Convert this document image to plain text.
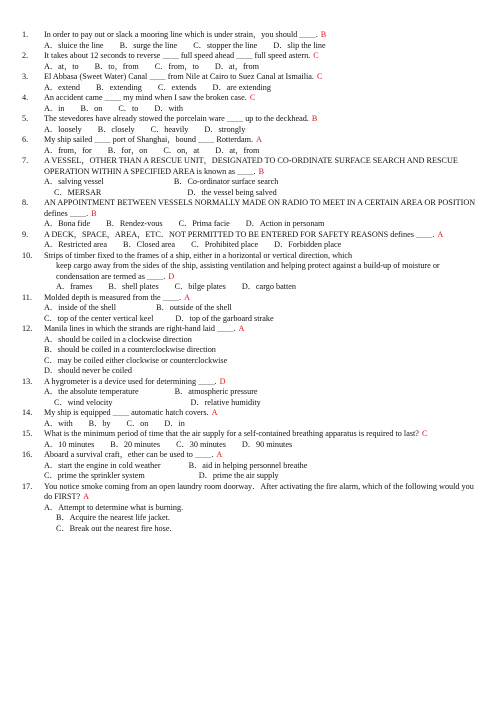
1.	In order to pay out or slack a mooring line which is under strain，you should ＿＿. B
A．sluice the line B．surge the line C．stopper the line D．slip the line
2.	It takes about 12 seconds to reverse ＿＿ full speed ahead ＿＿ full speed astern. C
A．at，to B．to，from C．from，to D．at，from
3.	El Abbasa (Sweet Water) Canal ＿＿ from Nile at Cairo to Suez Canal at Ismailia. C
A．extend B．extending C．extends D．are extending
4.	An accident came ＿＿ my mind when I saw the broken case. C
A．in B．on C．to D．with
5.	The stevedores have already stowed the porcelain ware ＿＿ up to the deckhead. B
A．loosely B．closely C．heavily D．strongly
6.	My ship sailed ＿＿ port of Shanghai，bound ＿＿ Rotterdam. A
A．from，for B．for，on C．on，at D．at，from
7.	A VESSEL，OTHER THAN A RESCUE UNIT，DESIGNATED TO CO-ORDINATE SURFACE SEARCH AND RESCUE OPERATION WITHIN A SPECIFIED AREA is known as ＿＿. B
A．salving vessel	B．Co-ordinator surface search
C．MERSAR	D．the vessel being salved
8.	AN APPOINTMENT BETWEEN VESSELS NORMALLY MADE ON RADIO TO MEET IN A CERTAIN AREA OR POSITION defines ＿＿. B
A．Bona fide B．Rendez-vous C．Prima facie D．Action in personam
9.	A DECK，SPACE，AREA，ETC．NOT PERMITTED TO BE ENTERED FOR SAFETY REASONS defines ＿＿. A
A．Restricted area B．Closed area C．Prohibited place D．Forbidden place
10.	Strips of timber fixed to the frames of a ship, either in a horizontal or vertical direction, which
keep cargo away from the sides of the ship, assisting ventilation and helping protect against a build-up of moisture or condensation are termed as ＿＿. D
A．frames B．shell plates C．bilge plates D．cargo batten
11.	Molded depth is measured from the ＿＿. A
A．inside of the shell	B．outside of the shell
C．top of the center vertical keel	D．top of the garboard strake
12.	Manila lines in which the strands are right-hand laid ＿＿. A
A．should be coiled in a clockwise direction
B．should be coiled in a counterclockwise direction
C．may be coiled either clockwise or counterclockwise
D．should never be coiled
13.	A hygrometer is a device used for determining ＿＿. D
A．the absolute temperature	B．atmospheric pressure
C．wind velocity	D．relative humidity
14.	My ship is equipped ＿＿ automatic hatch covers. A
A．with B．by C．on D．in
15.	What is the minimum period of time that the air supply for a self-contained breathing apparatus is required to last? C
A．10 minutes B．20 minutes C．30 minutes D．90 minutes
16.	Aboard a survival craft，ether can be used to ＿＿. A
A．start the engine in cold weather	B．aid in helping personnel breathe
C．prime the sprinkler system	D．prime the air supply
17.	You notice smoke coming from an open laundry room doorway．After activating the fire alarm, which of the following would you do FIRST? A
A．Attempt to determine what is burning.
B．Acquire the nearest life jacket.
C．Break out the nearest fire hose.
